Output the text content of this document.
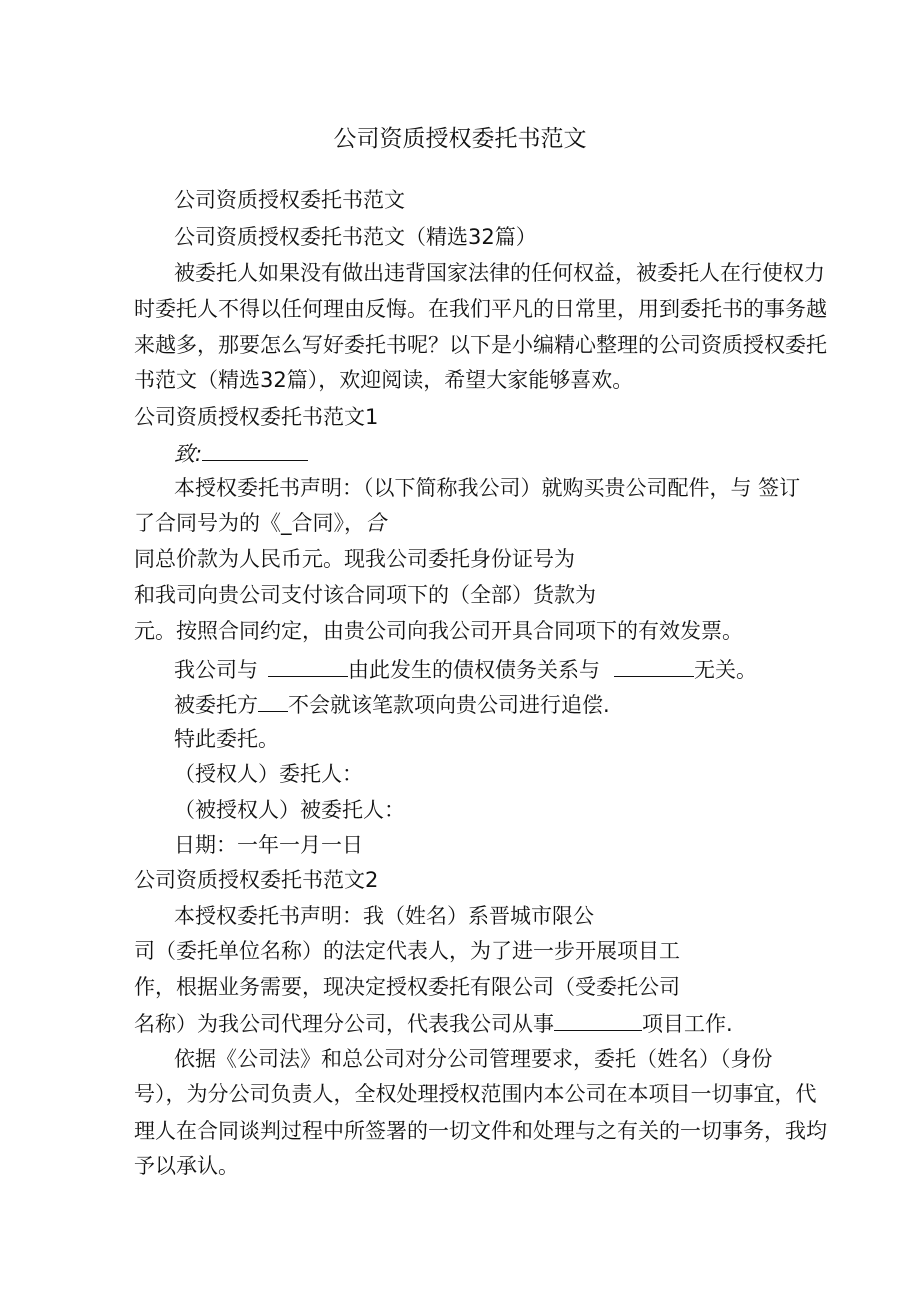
公司资质授权委托书范文
公司资质授权委托书范文
公司资质授权委托书范文（精选32篇）
被委托人如果没有做出违背国家法律的任何权益，被委托人在行使权力
时委托人不得以任何理由反悔。在我们平凡的日常里，用到委托书的事务越
来越多，那要怎么写好委托书呢？以下是小编精心整理的公司资质授权委托
书范文（精选32篇），欢迎阅读，希望大家能够喜欢。
公司资质授权委托书范文1
致:
本授权委托书声明：（以下简称我公司）就购买贵公司配件，与 签订
了合同号为的《_合同》，合
同总价款为人民币元。现我公司委托身份证号为
和我司向贵公司支付该合同项下的（全部）货款为
元。按照合同约定，由贵公司向我公司开具合同项下的有效发票。
我公司与	由此发生的债权债务关系与	无关。
被委托方 不会就该笔款项向贵公司进行追偿.
特此委托。
（授权人）委托人：
（被授权人）被委托人：
日期：一年一月一日
公司资质授权委托书范文2
本授权委托书声明：我（姓名）系晋城市限公
司（委托单位名称）的法定代表人，为了进一步开展项目工
作，根据业务需要，现决定授权委托有限公司（受委托公司
名称）为我公司代理分公司，代表我公司从事	项目工作.
依据《公司法》和总公司对分公司管理要求，委托（姓名）（身份
号），为分公司负责人，全权处理授权范围内本公司在本项目一切事宜，代
理人在合同谈判过程中所签署的一切文件和处理与之有关的一切事务，我均
予以承认。
